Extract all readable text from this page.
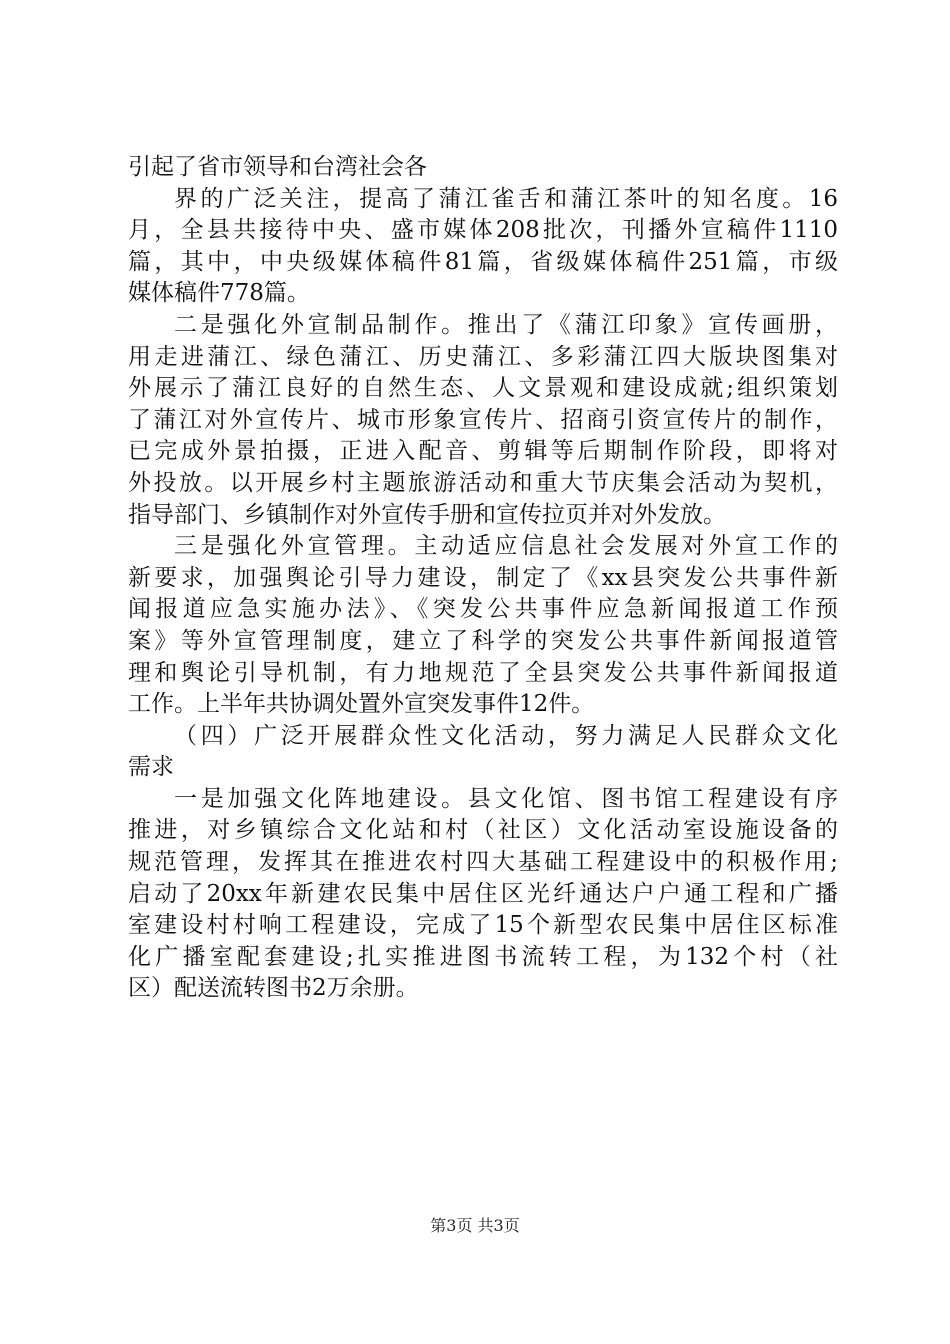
引起了省市领导和台湾社会各
界的广泛关注，提高了蒲江雀舌和蒲江茶叶的知名度。16
月，全县共接待中央、盛市媒体208批次，刊播外宣稿件1110
篇，其中，中央级媒体稿件81篇，省级媒体稿件251篇，市级
媒体稿件778篇。
二是强化外宣制品制作。推出了《蒲江印象》宣传画册，
用走进蒲江、绿色蒲江、历史蒲江、多彩蒲江四大版块图集对
外展示了蒲江良好的自然生态、人文景观和建设成就;组织策划
了蒲江对外宣传片、城市形象宣传片、招商引资宣传片的制作，
已完成外景拍摄，正进入配音、剪辑等后期制作阶段，即将对
外投放。以开展乡村主题旅游活动和重大节庆集会活动为契机，
指导部门、乡镇制作对外宣传手册和宣传拉页并对外发放。
三是强化外宣管理。主动适应信息社会发展对外宣工作的
新要求，加强舆论引导力建设，制定了《xx县突发公共事件新
闻报道应急实施办法》、《突发公共事件应急新闻报道工作预
案》等外宣管理制度，建立了科学的突发公共事件新闻报道管
理和舆论引导机制，有力地规范了全县突发公共事件新闻报道
工作。上半年共协调处置外宣突发事件12件。
（四）广泛开展群众性文化活动，努力满足人民群众文化
需求
一是加强文化阵地建设。县文化馆、图书馆工程建设有序
推进，对乡镇综合文化站和村（社区）文化活动室设施设备的
规范管理，发挥其在推进农村四大基础工程建设中的积极作用;
启动了20xx年新建农民集中居住区光纤通达户户通工程和广播
室建设村村响工程建设，完成了15个新型农民集中居住区标准
化广播室配套建设;扎实推进图书流转工程，为132个村（社
区）配送流转图书2万余册。
第3页 共3页
